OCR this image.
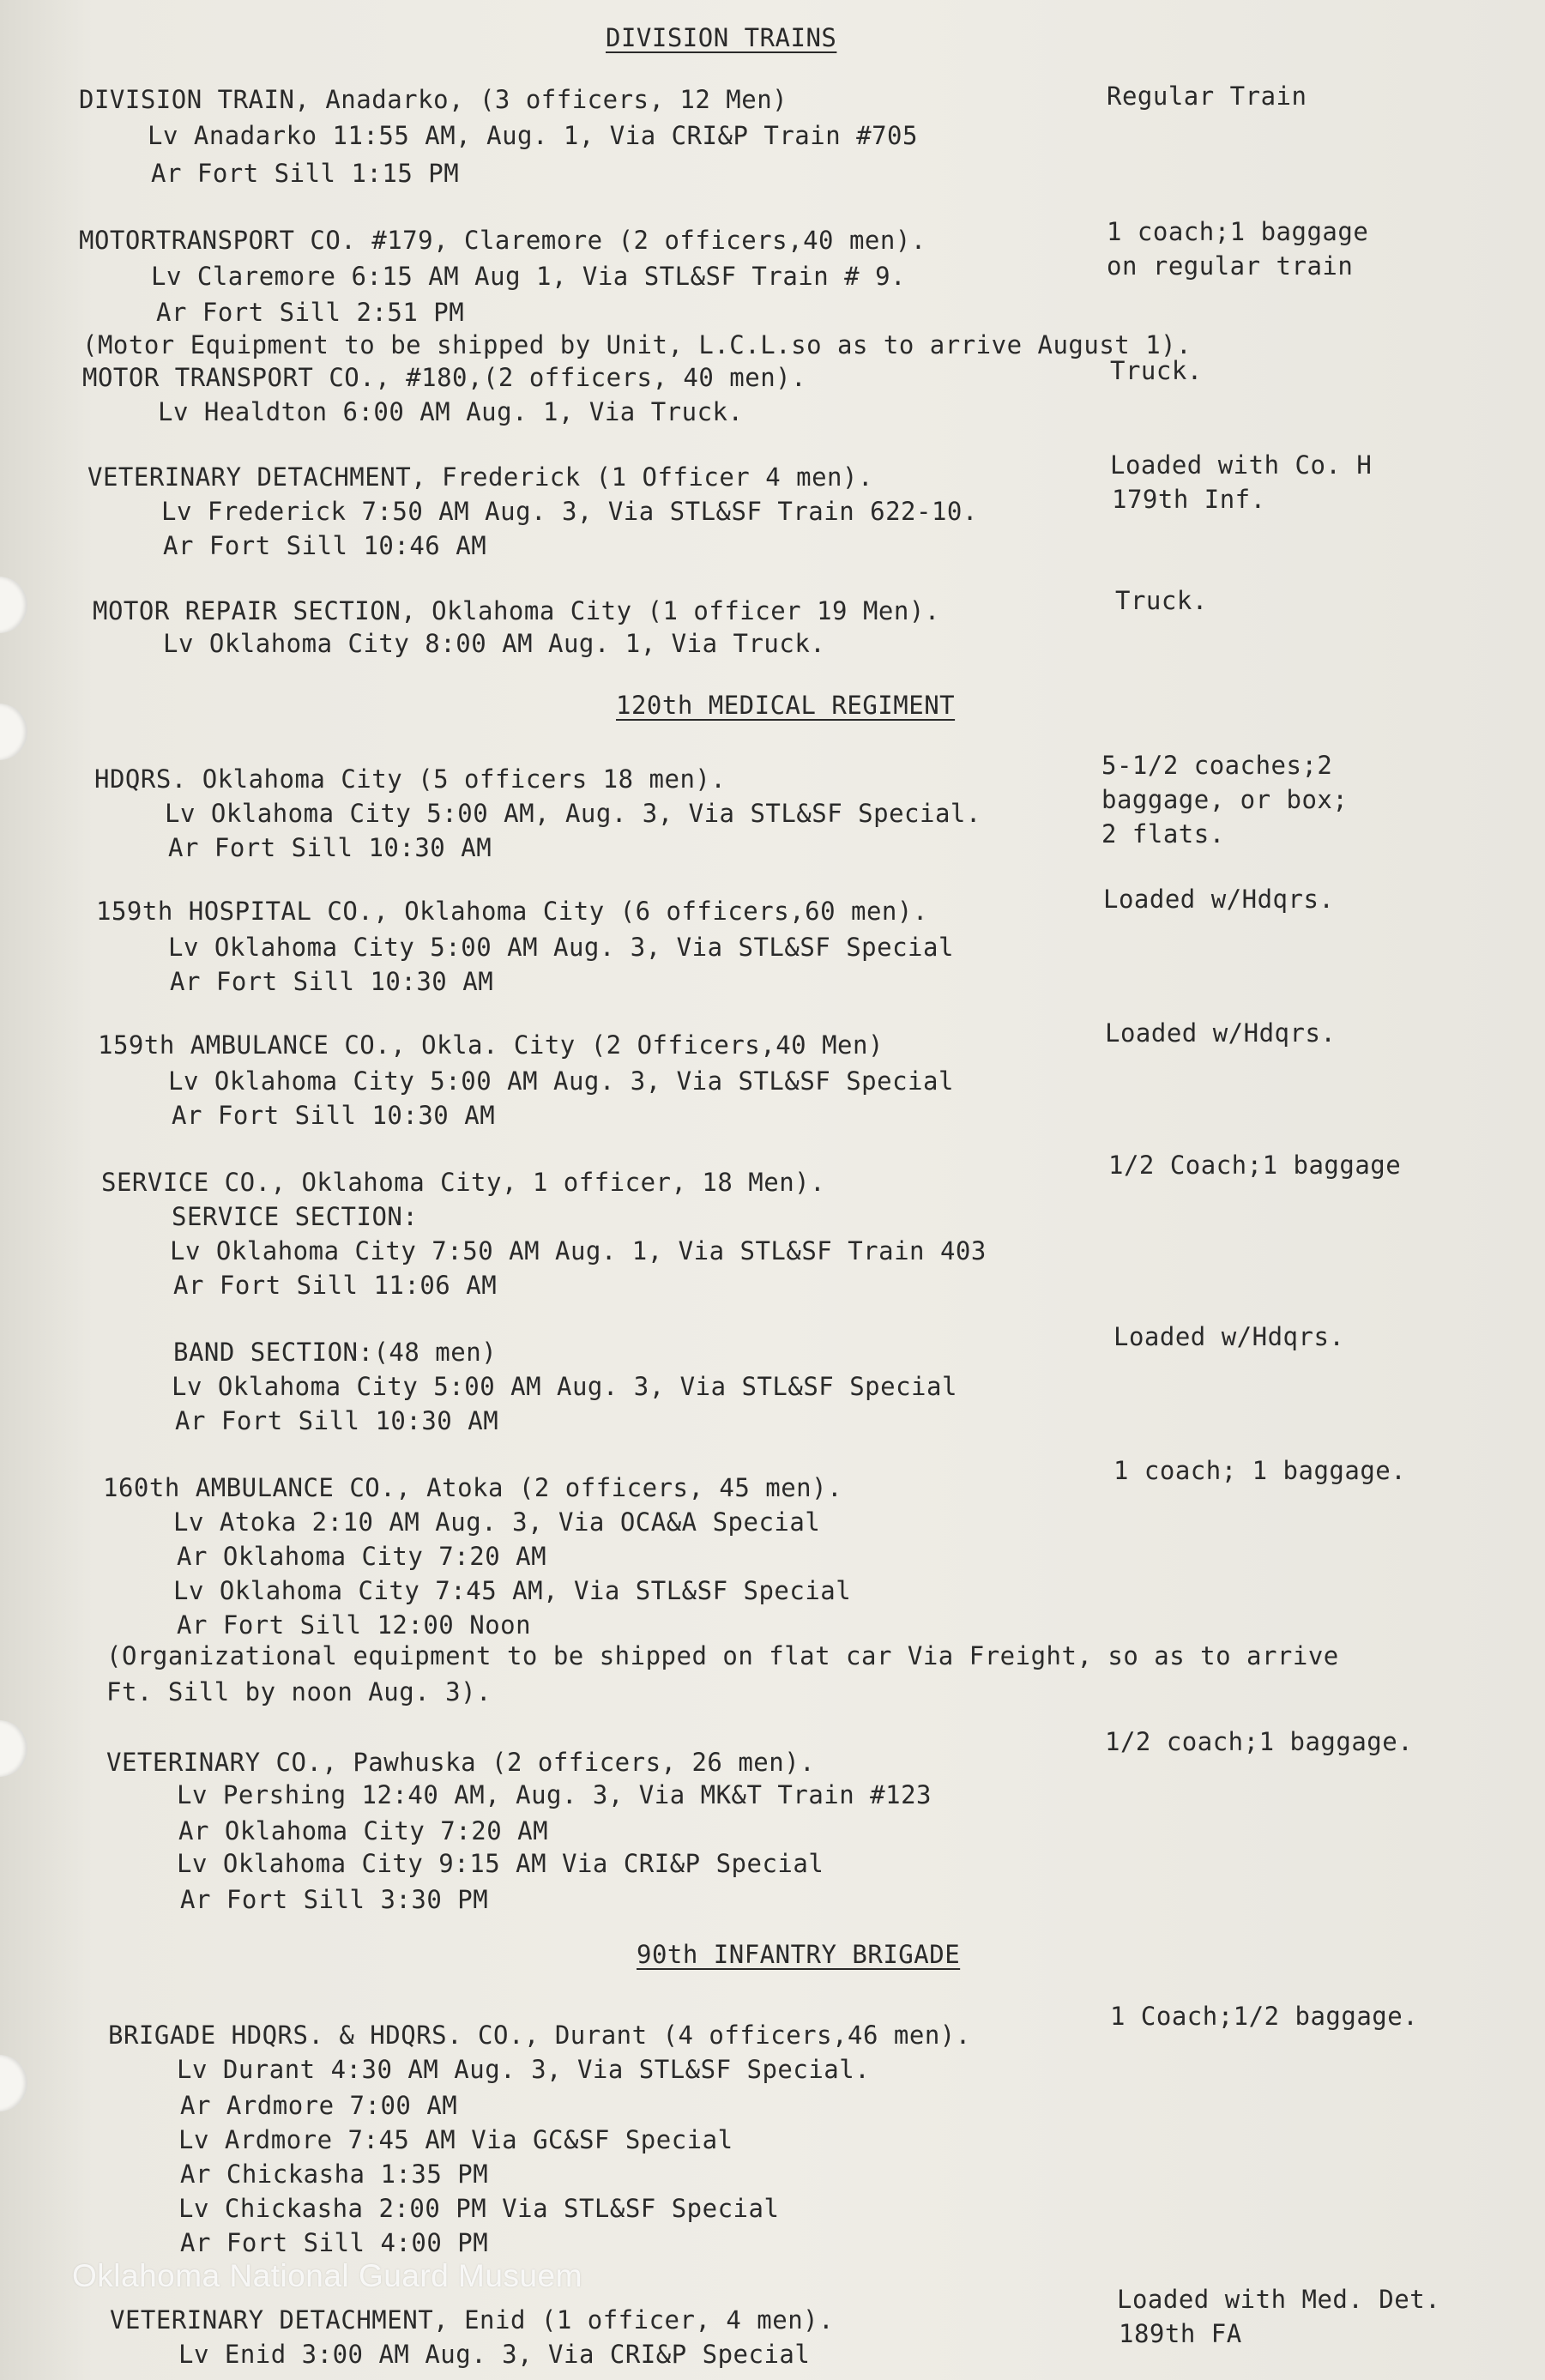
DIVISION TRAINS
120th MEDICAL REGIMENT
90th INFANTRY BRIGADE
DIVISION TRAIN, Anadarko, (3 officers, 12 Men)
Lv Anadarko 11:55 AM, Aug. 1, Via CRI&P Train #705
Ar Fort Sill 1:15 PM
Regular Train
MOTORTRANSPORT CO. #179, Claremore (2 officers,40 men).
Lv Claremore 6:15 AM Aug 1, Via STL&SF Train # 9.
Ar Fort Sill 2:51 PM
(Motor Equipment to be shipped by Unit, L.C.L.so as to arrive August 1).
MOTOR TRANSPORT CO., #180,(2 officers, 40 men).
Lv Healdton 6:00 AM Aug. 1, Via Truck.
1 coach;1 baggage
on regular train
Truck.
VETERINARY DETACHMENT, Frederick (1 Officer 4 men).
Lv Frederick 7:50 AM Aug. 3, Via STL&SF Train 622-10.
Ar Fort Sill 10:46 AM
Loaded with Co. H
179th Inf.
MOTOR REPAIR SECTION, Oklahoma City (1 officer 19 Men).
Lv Oklahoma City 8:00 AM Aug. 1, Via Truck.
Truck.
HDQRS. Oklahoma City (5 officers 18 men).
Lv Oklahoma City 5:00 AM, Aug. 3, Via STL&SF Special.
Ar Fort Sill 10:30 AM
5-1/2 coaches;2
baggage, or box;
2 flats.
159th HOSPITAL CO., Oklahoma City (6 officers,60 men).
Lv Oklahoma City 5:00 AM Aug. 3, Via STL&SF Special
Ar Fort Sill 10:30 AM
Loaded w/Hdqrs.
159th AMBULANCE CO., Okla. City (2 Officers,40 Men)
Lv Oklahoma City 5:00 AM Aug. 3, Via STL&SF Special
Ar Fort Sill 10:30 AM
Loaded w/Hdqrs.
SERVICE CO., Oklahoma City, 1 officer, 18 Men).
SERVICE SECTION:
Lv Oklahoma City 7:50 AM Aug. 1, Via STL&SF Train 403
Ar Fort Sill 11:06 AM
1/2 Coach;1 baggage
BAND SECTION:(48 men)
Lv Oklahoma City 5:00 AM Aug. 3, Via STL&SF Special
Ar Fort Sill 10:30 AM
Loaded w/Hdqrs.
160th AMBULANCE CO., Atoka (2 officers, 45 men).
Lv Atoka 2:10 AM Aug. 3, Via OCA&A Special
Ar Oklahoma City 7:20 AM
Lv Oklahoma City 7:45 AM, Via STL&SF Special
Ar Fort Sill 12:00 Noon
(Organizational equipment to be shipped on flat car Via Freight, so as to arrive
Ft. Sill by noon Aug. 3).
1 coach; 1 baggage.
VETERINARY CO., Pawhuska (2 officers, 26 men).
Lv Pershing 12:40 AM, Aug. 3, Via MK&T Train #123
Ar Oklahoma City 7:20 AM
Lv Oklahoma City 9:15 AM Via CRI&P Special
Ar Fort Sill 3:30 PM
1/2 coach;1 baggage.
BRIGADE HDQRS. & HDQRS. CO., Durant (4 officers,46 men).
Lv Durant 4:30 AM Aug. 3, Via STL&SF Special.
Ar Ardmore 7:00 AM
Lv Ardmore 7:45 AM Via GC&SF Special
Ar Chickasha 1:35 PM
Lv Chickasha 2:00 PM Via STL&SF Special
Ar Fort Sill 4:00 PM
1 Coach;1/2 baggage.
VETERINARY DETACHMENT, Enid (1 officer, 4 men).
Lv Enid 3:00 AM Aug. 3, Via CRI&P Special
Loaded with Med. Det.
189th FA
Oklahoma National Guard Musuem
